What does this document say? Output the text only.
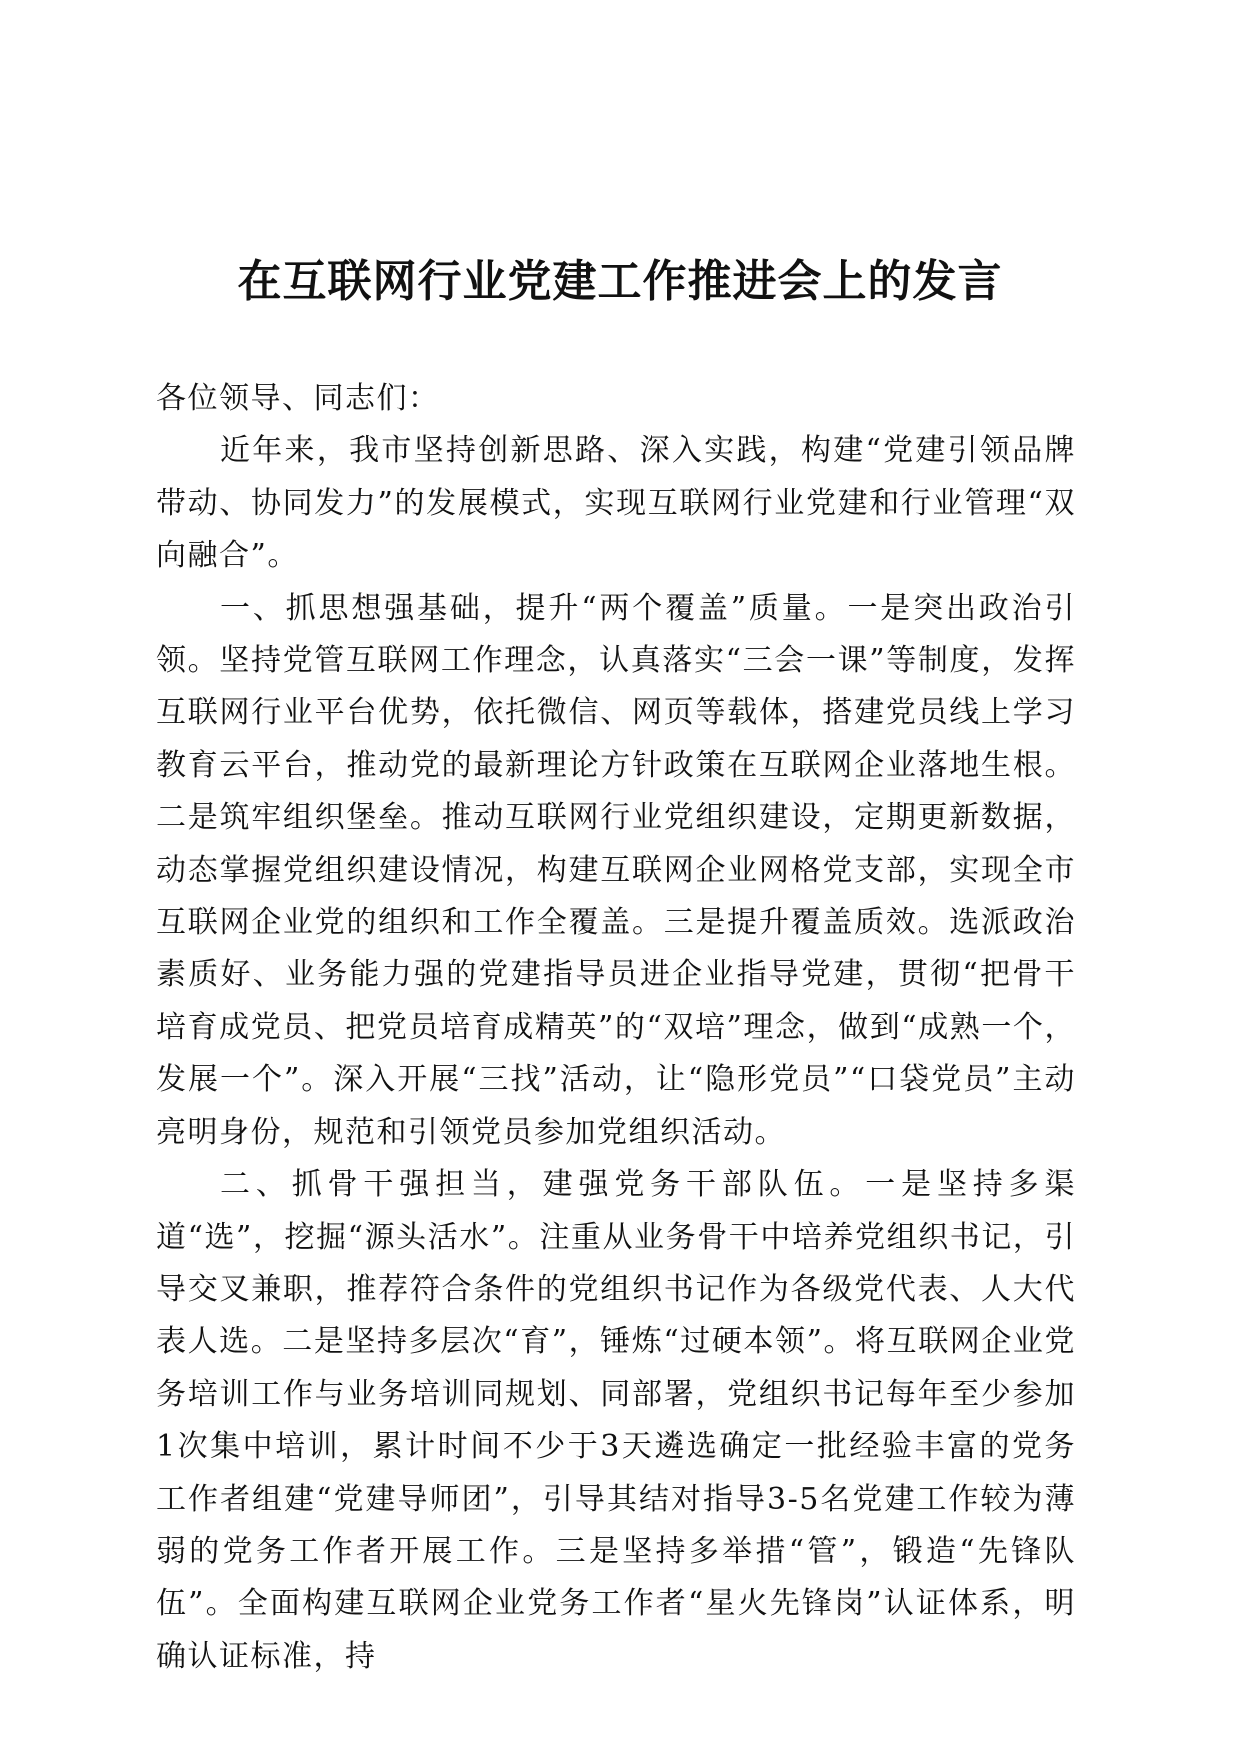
在互联网行业党建工作推进会上的发言

各位领导、同志们：

近年来，我市坚持创新思路、深入实践，构建“党建引领品牌带动、协同发力”的发展模式，实现互联网行业党建和行业管理“双向融合”。

一、抓思想强基础，提升“两个覆盖”质量。一是突出政治引领。坚持党管互联网工作理念，认真落实“三会一课”等制度，发挥互联网行业平台优势，依托微信、网页等载体，搭建党员线上学习教育云平台，推动党的最新理论方针政策在互联网企业落地生根。二是筑牢组织堡垒。推动互联网行业党组织建设，定期更新数据，动态掌握党组织建设情况，构建互联网企业网格党支部，实现全市互联网企业党的组织和工作全覆盖。三是提升覆盖质效。选派政治素质好、业务能力强的党建指导员进企业指导党建，贯彻“把骨干培育成党员、把党员培育成精英”的“双培”理念，做到“成熟一个，发展一个”。深入开展“三找”活动，让“隐形党员”“口袋党员”主动亮明身份，规范和引领党员参加党组织活动。

二、抓骨干强担当，建强党务干部队伍。一是坚持多渠道“选”，挖掘“源头活水”。注重从业务骨干中培养党组织书记，引导交叉兼职，推荐符合条件的党组织书记作为各级党代表、人大代表人选。二是坚持多层次“育”，锤炼“过硬本领”。将互联网企业党务培训工作与业务培训同规划、同部署，党组织书记每年至少参加1次集中培训，累计时间不少于3天遴选确定一批经验丰富的党务工作者组建“党建导师团”，引导其结对指导3-5名党建工作较为薄弱的党务工作者开展工作。三是坚持多举措“管”，锻造“先锋队伍”。全面构建互联网企业党务工作者“星火先锋岗”认证体系，明确认证标准，持
